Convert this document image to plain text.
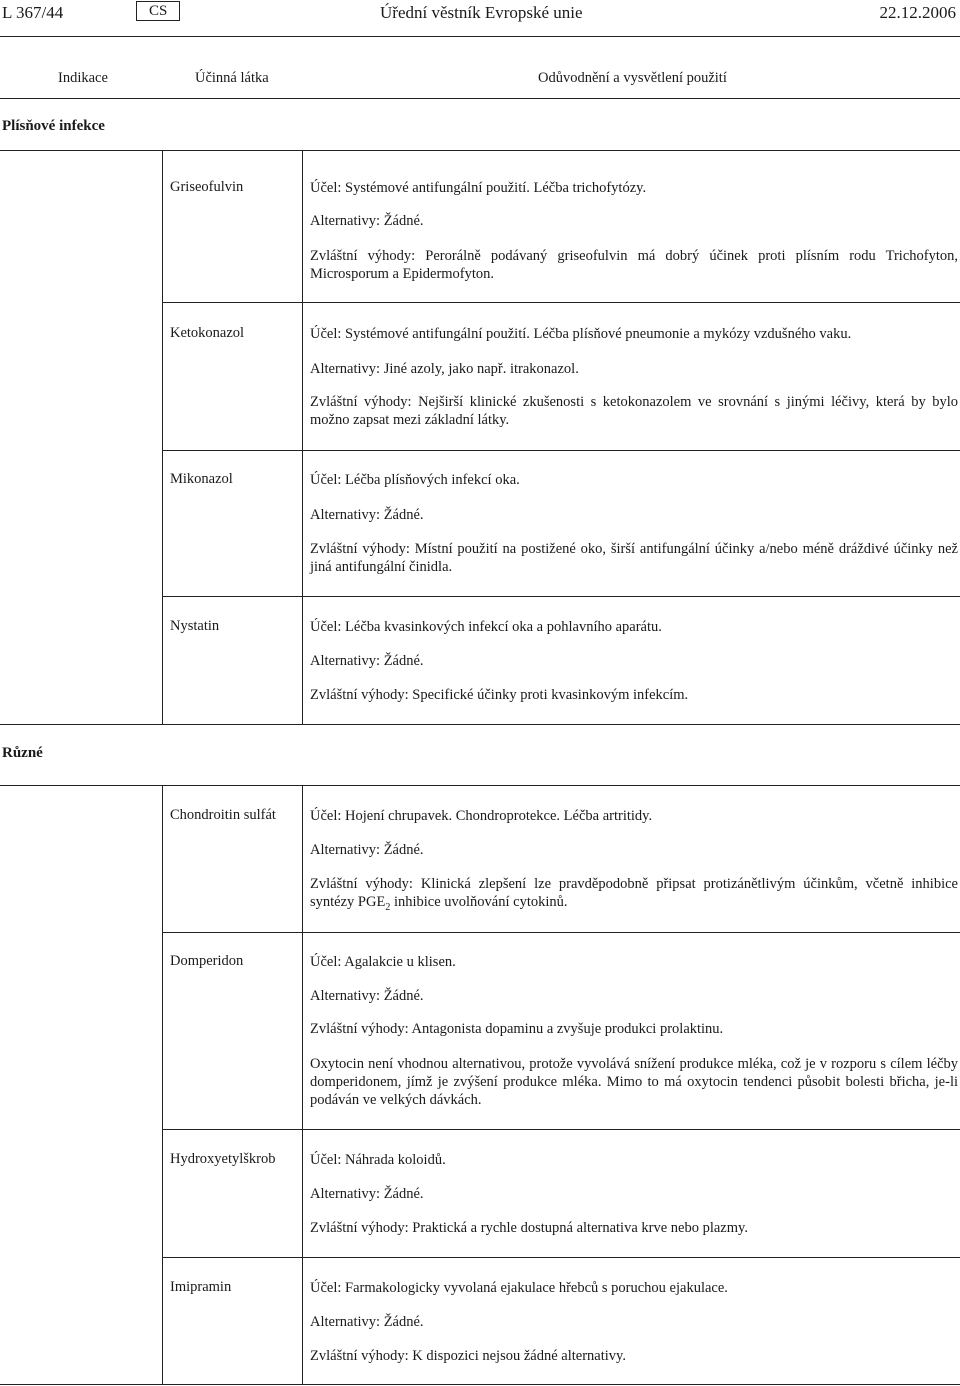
L 367/44	CS	Úřední věstník Evropské unie	22.12.2006
Indikace	Účinná látka	Odůvodnění a vysvětlení použití
Plísňové infekce
Griseofulvin	Účel: Systémové antifungální použití. Léčba trichofytózy.
Alternativy: Žádné.
Zvláštní výhody: Perorálně podávaný griseofulvin má dobrý účinek proti plísním rodu Trichofyton, Microsporum a Epidermofyton.
Ketokonazol	Účel: Systémové antifungální použití. Léčba plísňové pneumonie a mykózy vzdušného vaku.
Alternativy: Jiné azoly, jako např. itrakonazol.
Zvláštní výhody: Nejširší klinické zkušenosti s ketokonazolem ve srovnání s jinými léčivy, která by bylo možno zapsat mezi základní látky.
Mikonazol	Účel: Léčba plísňových infekcí oka.
Alternativy: Žádné.
Zvláštní výhody: Místní použití na postižené oko, širší antifungální účinky a/nebo méně dráždivé účinky než jiná antifungální činidla.
Nystatin	Účel: Léčba kvasinkových infekcí oka a pohlavního aparátu.
Alternativy: Žádné.
Zvláštní výhody: Specifické účinky proti kvasinkovým infekcím.
Různé
Chondroitin sulfát Účel: Hojení chrupavek. Chondroprotekce. Léčba artritidy.
Alternativy: Žádné.
Zvláštní výhody: Klinická zlepšení lze pravděpodobně připsat protizánětlivým účinkům, včetně inhibice syntézy $PGE_2$ inhibice uvolňování cytokinů.
Domperidon	Účel: Agalakcie u klisen.
Alternativy: Žádné.
Zvláštní výhody: Antagonista dopaminu a zvyšuje produkci prolaktinu.
Oxytocin není vhodnou alternativou, protože vyvolává snížení produkce mléka, což je v rozporu s cílem léčby domperidonem, jímž je zvýšení produkce mléka. Mimo to má oxytocin tendenci působit bolesti břicha, je-li podáván ve velkých dávkách.
Hydroxyetylškrob Účel: Náhrada koloidů.
Alternativy: Žádné.
Zvláštní výhody: Praktická a rychle dostupná alternativa krve nebo plazmy.
Imipramin	Účel: Farmakologicky vyvolaná ejakulace hřebců s poruchou ejakulace.
Alternativy: Žádné.
Zvláštní výhody: K dispozici nejsou žádné alternativy.
